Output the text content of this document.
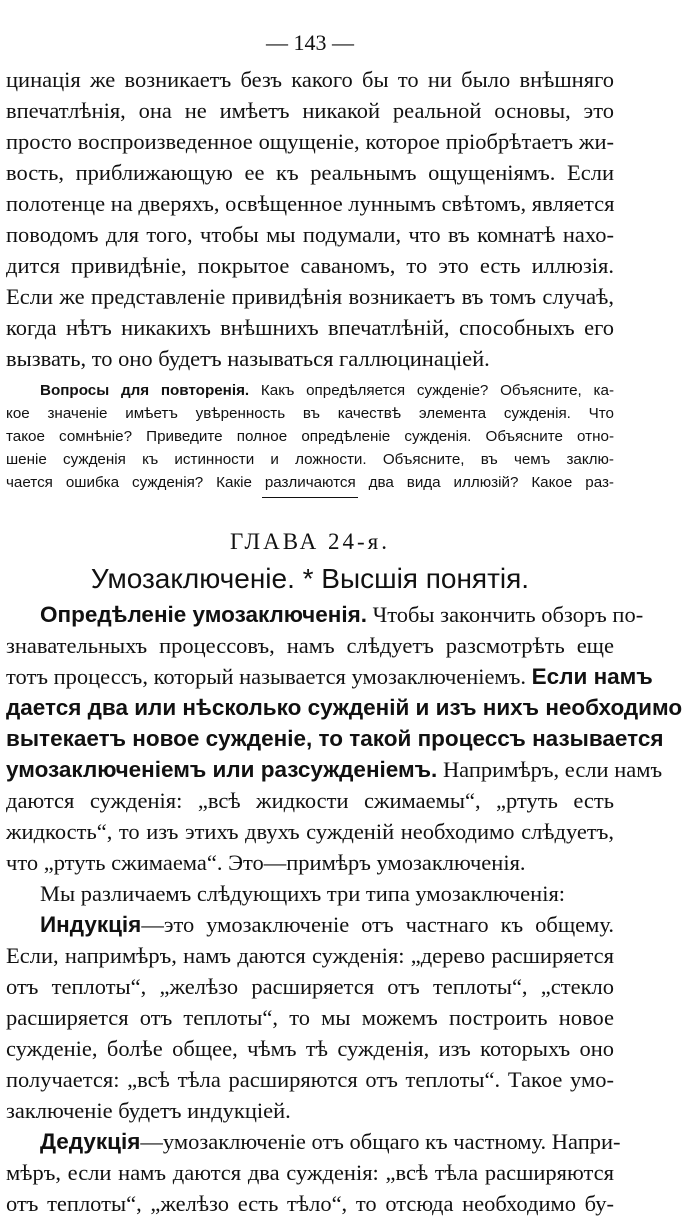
— 143 —
цинація же возникаетъ безъ какого бы то ни было внѣшняго
впечатлѣнія, она не имѣетъ никакой реальной основы, это
просто воспроизведенное ощущеніе, которое пріобрѣтаетъ жи-
вость, приближающую ее къ реальнымъ ощущеніямъ. Если
полотенце на дверяхъ, освѣщенное луннымъ свѣтомъ, является
поводомъ для того, чтобы мы подумали, что въ комнатѣ нахо-
дится привидѣніе, покрытое саваномъ, то это есть иллюзія.
Если же представленіе привидѣнія возникаетъ въ томъ случаѣ,
когда нѣтъ никакихъ внѣшнихъ впечатлѣній, способныхъ его
вызвать, то оно будетъ называться галлюцинаціей.
Вопросы для повторенія. Какъ опредѣляется сужденіе? Объясните, ка-
кое значеніе имѣетъ увѣренность въ качествѣ элемента сужденія. Что
такое сомнѣніе? Приведите полное опредѣленіе сужденія. Объясните отно-
шеніе сужденія къ истинности и ложности. Объясните, въ чемъ заклю-
чается ошибка сужденія? Какіе различаются два вида иллюзій? Какое раз-
ГЛАВА 24-я.
Умозаключеніе. * Высшія понятія.
Опредѣленіе умозаключенія. Чтобы закончить обзоръ по-
знавательныхъ процессовъ, намъ слѣдуетъ разсмотрѣть еще
тотъ процессъ, который называется умозаключеніемъ. Если намъ
дается два или нѣсколько сужденій и изъ нихъ необходимо
вытекаетъ новое сужденіе, то такой процессъ называется
умозаключеніемъ или разсужденіемъ. Напримѣръ, если намъ
даются сужденія: „всѣ жидкости сжимаемы“, „ртуть есть
жидкость“, то изъ этихъ двухъ сужденій необходимо слѣдуетъ,
что „ртуть сжимаема“. Это—примѣръ умозаключенія.
Мы различаемъ слѣдующихъ три типа умозаключенія:
Индукція—это умозаключеніе отъ частнаго къ общему.
Если, напримѣръ, намъ даются сужденія: „дерево расширяется
отъ теплоты“, „желѣзо расширяется отъ теплоты“, „стекло
расширяется отъ теплоты“, то мы можемъ построить новое
сужденіе, болѣе общее, чѣмъ тѣ сужденія, изъ которыхъ оно
получается: „всѣ тѣла расширяются отъ теплоты“. Такое умо-
заключеніе будетъ индукціей.
Дедукція—умозаключеніе отъ общаго къ частному. Напри-
мѣръ, если намъ даются два сужденія: „всѣ тѣла расширяются
отъ теплоты“, „желѣзо есть тѣло“, то отсюда необходимо бу-
